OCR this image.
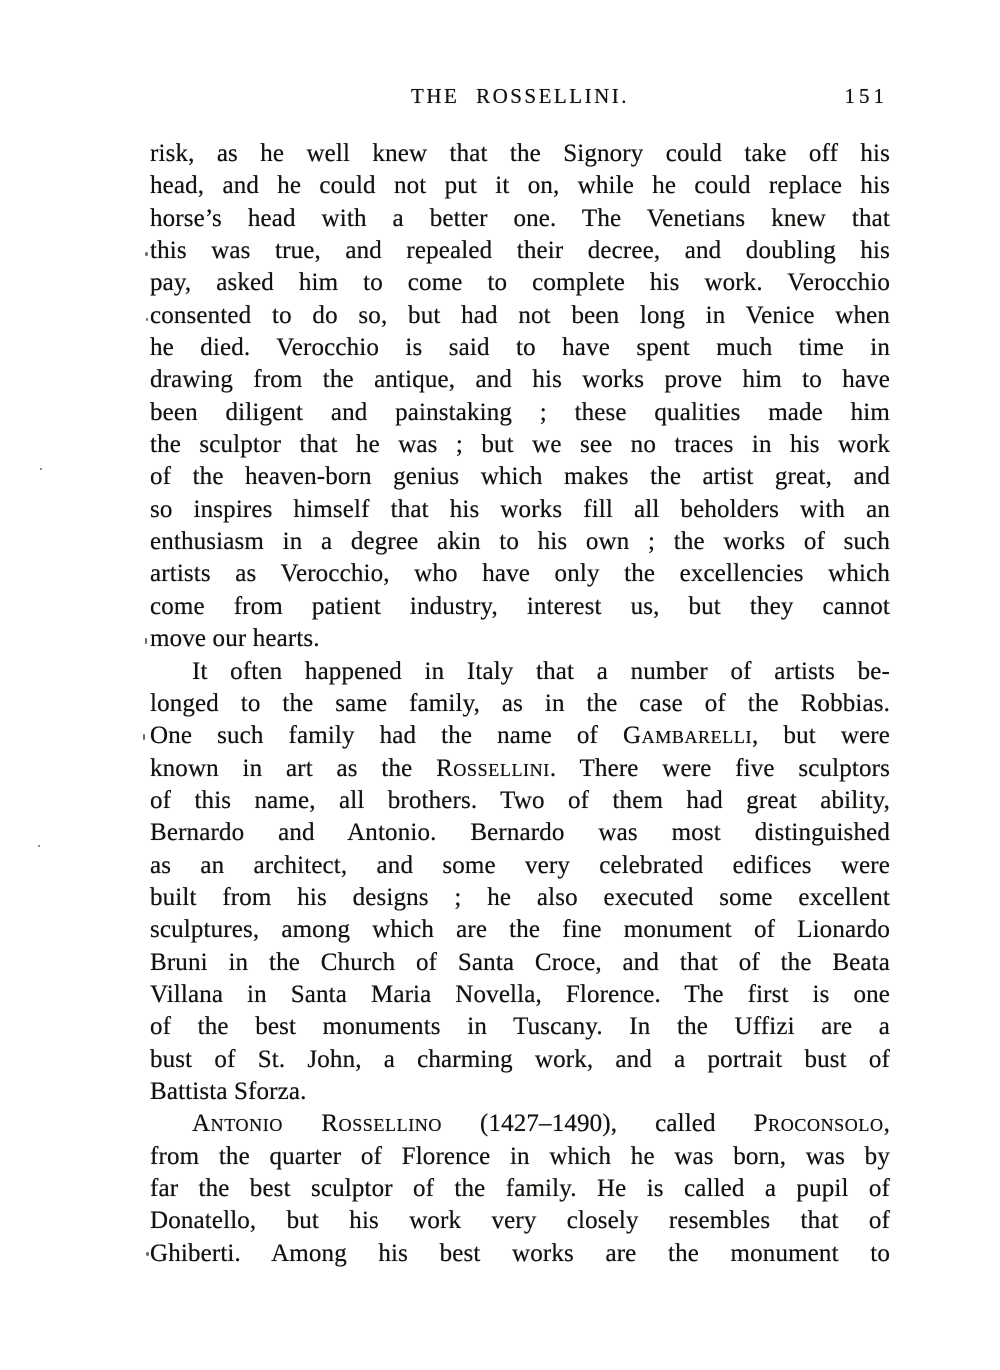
THE ROSSELLINI.	151
risk, as he well knew that the Signory could take off his
head, and he could not put it on, while he could replace his
horse’s head with a better one. The Venetians knew that
this was true, and repealed their decree, and doubling his
pay, asked him to come to complete his work. Verocchio
consented to do so, but had not been long in Venice when
he died. Verocchio is said to have spent much time in
drawing from the antique, and his works prove him to have
been diligent and painstaking ; these qualities made him
the sculptor that he was ; but we see no traces in his work
of the heaven-born genius which makes the artist great, and
so inspires himself that his works fill all beholders with an
enthusiasm in a degree akin to his own ; the works of such
artists as Verocchio, who have only the excellencies which
come from patient industry, interest us, but they cannot
move our hearts.
It often happened in Italy that a number of artists be-
longed to the same family, as in the case of the Robbias.
One such family had the name of Gambarelli, but were
known in art as the Rossellini. There were five sculptors
of this name, all brothers. Two of them had great ability,
Bernardo and Antonio. Bernardo was most distinguished
as an architect, and some very celebrated edifices were
built from his designs ; he also executed some excellent
sculptures, among which are the fine monument of Lionardo
Bruni in the Church of Santa Croce, and that of the Beata
Villana in Santa Maria Novella, Florence. The first is one
of the best monuments in Tuscany. In the Uffizi are a
bust of St. John, a charming work, and a portrait bust of
Battista Sforza.
Antonio Rossellino (1427–1490), called Proconsolo,
from the quarter of Florence in which he was born, was by
far the best sculptor of the family. He is called a pupil of
Donatello, but his work very closely resembles that of
Ghiberti. Among his best works are the monument to
